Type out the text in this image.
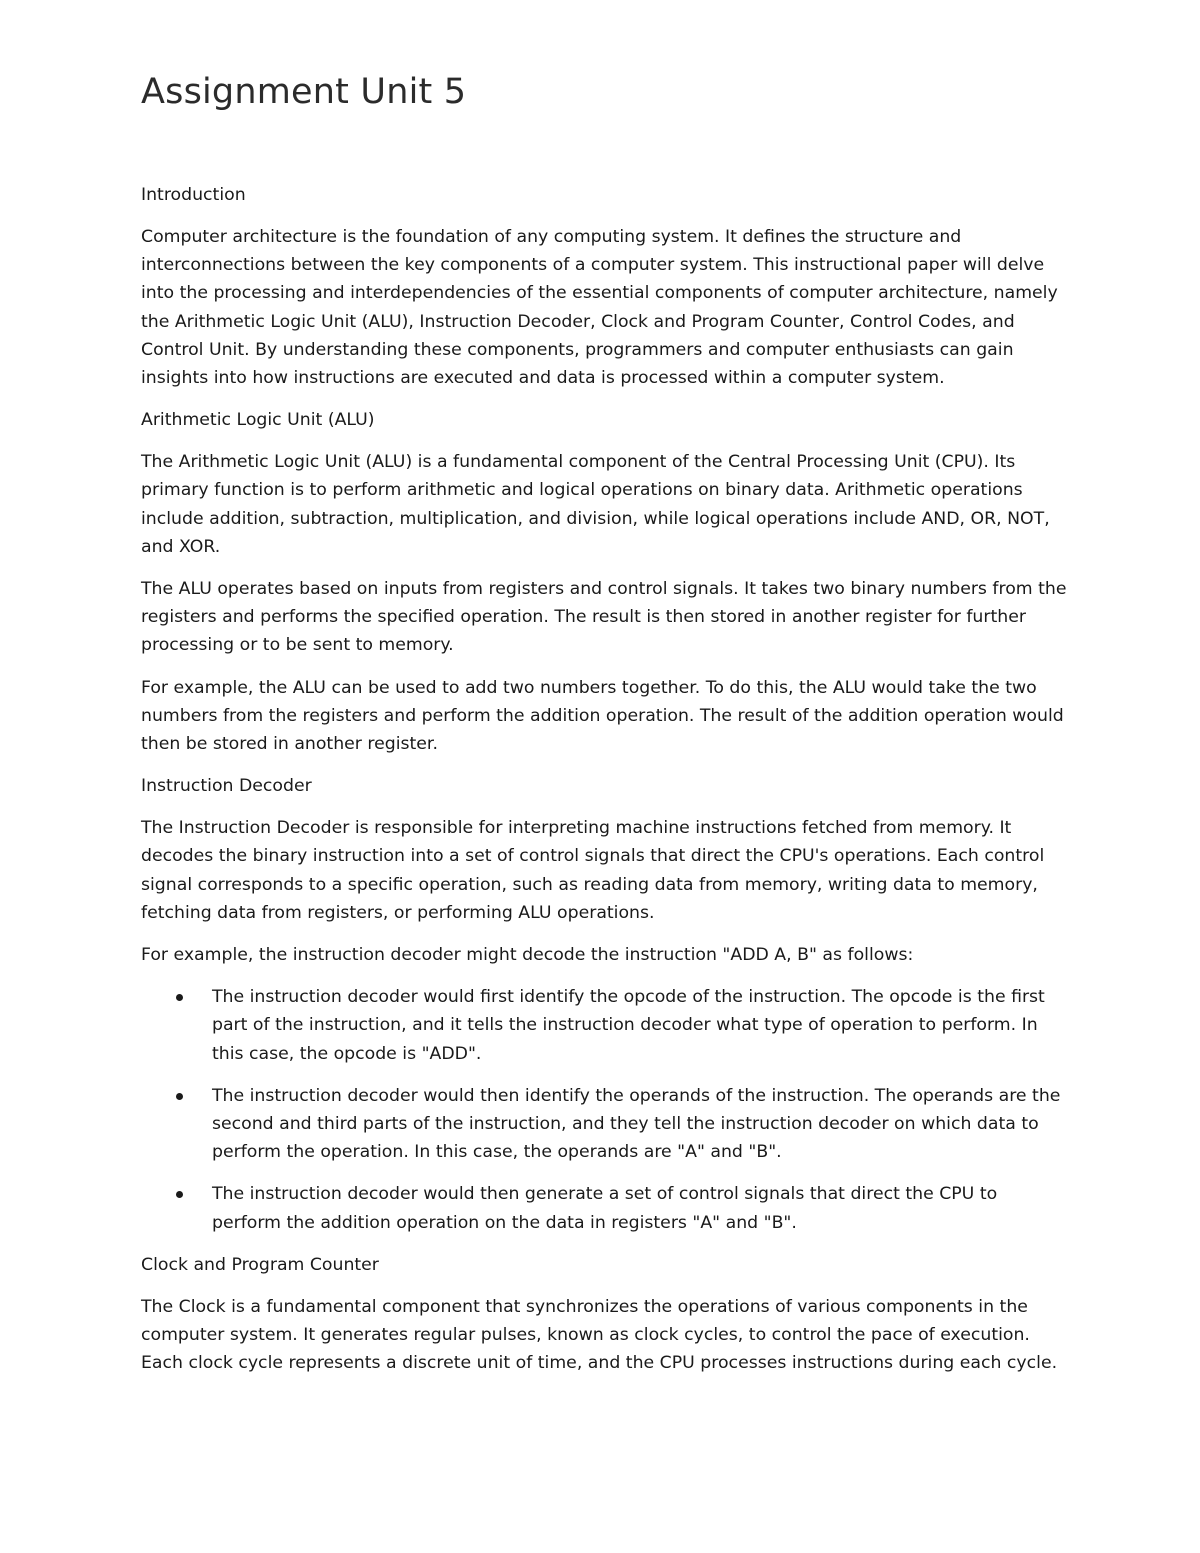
Assignment Unit 5

Introduction

Computer architecture is the foundation of any computing system. It defines the structure and interconnections between the key components of a computer system. This instructional paper will delve into the processing and interdependencies of the essential components of computer architecture, namely the Arithmetic Logic Unit (ALU), Instruction Decoder, Clock and Program Counter, Control Codes, and Control Unit. By understanding these components, programmers and computer enthusiasts can gain insights into how instructions are executed and data is processed within a computer system.

Arithmetic Logic Unit (ALU)

The Arithmetic Logic Unit (ALU) is a fundamental component of the Central Processing Unit (CPU). Its primary function is to perform arithmetic and logical operations on binary data. Arithmetic operations include addition, subtraction, multiplication, and division, while logical operations include AND, OR, NOT, and XOR.

The ALU operates based on inputs from registers and control signals. It takes two binary numbers from the registers and performs the specified operation. The result is then stored in another register for further processing or to be sent to memory.

For example, the ALU can be used to add two numbers together. To do this, the ALU would take the two numbers from the registers and perform the addition operation. The result of the addition operation would then be stored in another register.

Instruction Decoder

The Instruction Decoder is responsible for interpreting machine instructions fetched from memory. It decodes the binary instruction into a set of control signals that direct the CPU's operations. Each control signal corresponds to a specific operation, such as reading data from memory, writing data to memory, fetching data from registers, or performing ALU operations.

For example, the instruction decoder might decode the instruction "ADD A, B" as follows:

The instruction decoder would first identify the opcode of the instruction. The opcode is the first part of the instruction, and it tells the instruction decoder what type of operation to perform. In this case, the opcode is "ADD".
The instruction decoder would then identify the operands of the instruction. The operands are the second and third parts of the instruction, and they tell the instruction decoder on which data to perform the operation. In this case, the operands are "A" and "B".
The instruction decoder would then generate a set of control signals that direct the CPU to perform the addition operation on the data in registers "A" and "B".

Clock and Program Counter

The Clock is a fundamental component that synchronizes the operations of various components in the computer system. It generates regular pulses, known as clock cycles, to control the pace of execution. Each clock cycle represents a discrete unit of time, and the CPU processes instructions during each cycle.
